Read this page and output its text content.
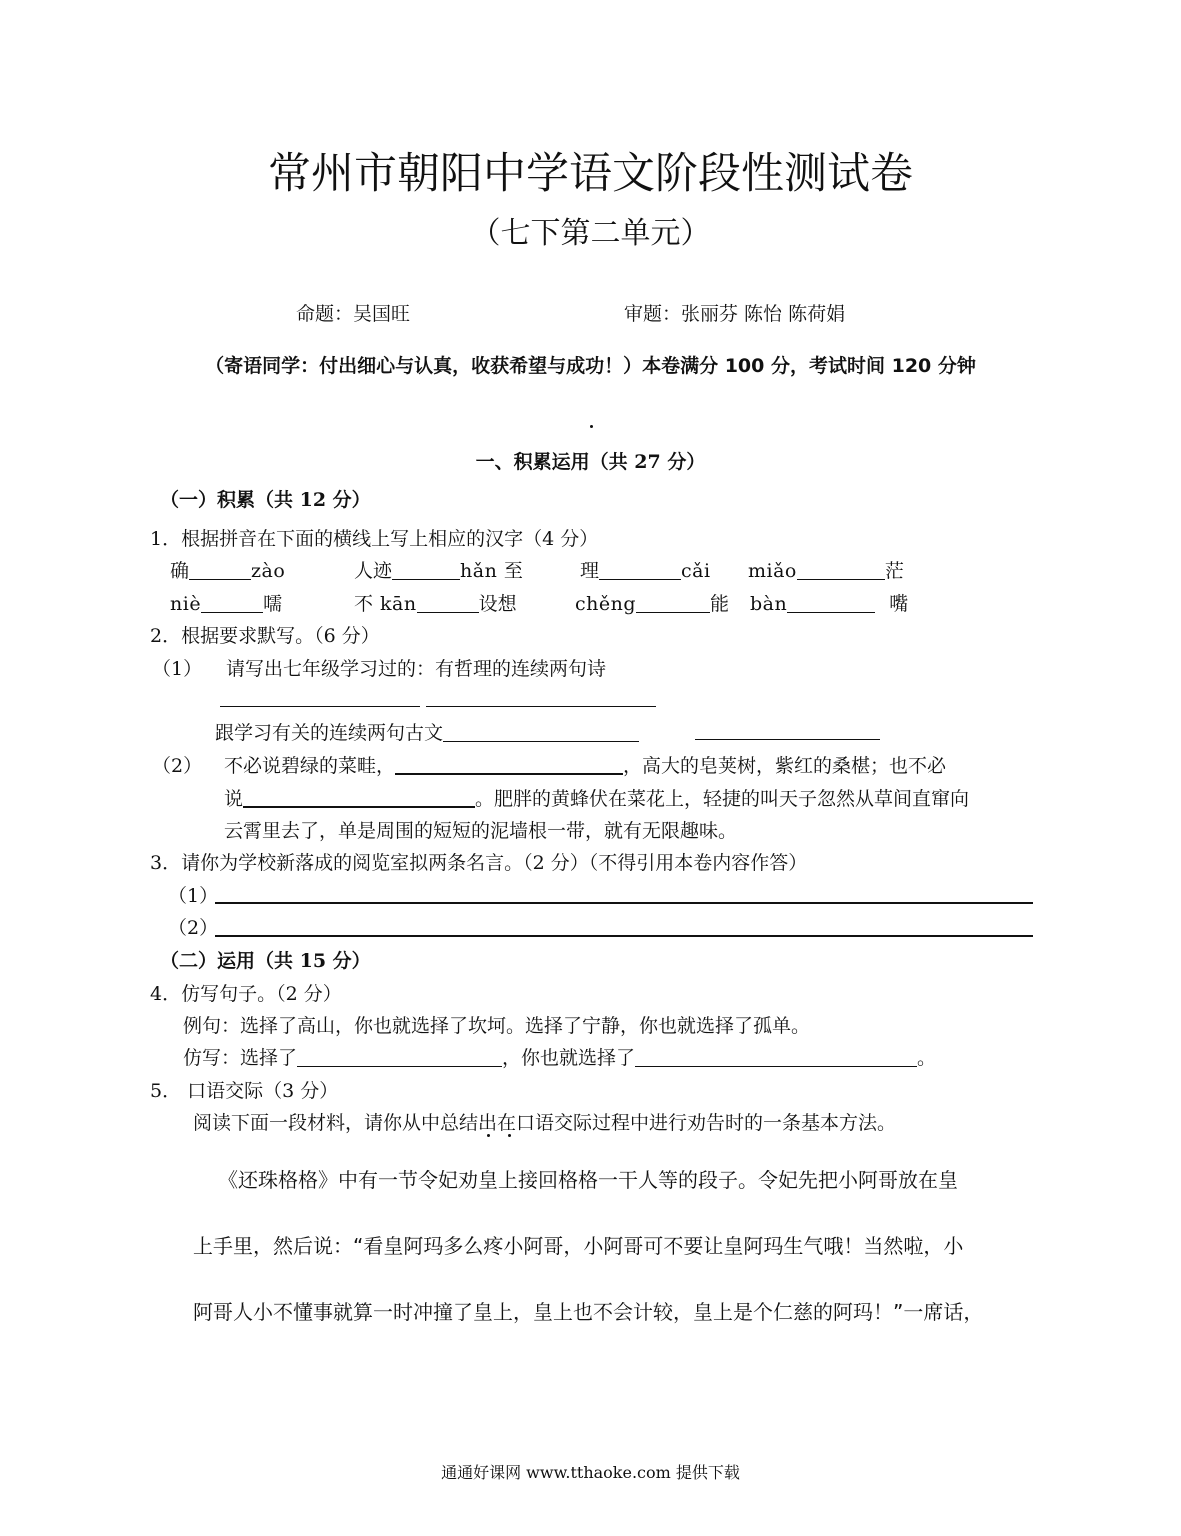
常州市朝阳中学语文阶段性测试卷
（七下第二单元）
命题：吴国旺	审题：张丽芬 陈怡 陈荷娟
（寄语同学：付出细心与认真，收获希望与成功！）本卷满分 100 分，考试时间 120 分钟
一、积累运用（共 27 分）
（一）积累（共 12 分）
1．根据拼音在下面的横线上写上相应的汉字（4 分）
确	zào	人迹	hǎn 至	理	cǎi miǎo	茫
niè	嚅	不 kān	设想	chěng	能 bàn	嘴
2．根据要求默写。（6 分）
（1） 请写出七年级学习过的：有哲理的连续两句诗
跟学习有关的连续两句古文
（2） 不必说碧绿的菜畦，	，高大的皂荚树，紫红的桑椹；也不必
说	。肥胖的黄蜂伏在菜花上，轻捷的叫天子忽然从草间直窜向
云霄里去了，单是周围的短短的泥墙根一带，就有无限趣味。
3．请你为学校新落成的阅览室拟两条名言。（2 分）（不得引用本卷内容作答）
（1）
（2）
（二）运用（共 15 分）
4．仿写句子。（2 分）
例句：选择了高山，你也就选择了坎坷。选择了宁静，你也就选择了孤单。
仿写：选择了	，你也就选择了	。
5． 口语交际（3 分）
阅读下面一段材料，请你从中总结出在口语交际过程中进行劝告时的一条基本方法。
《还珠格格》中有一节令妃劝皇上接回格格一干人等的段子。令妃先把小阿哥放在皇
上手里，然后说：“看皇阿玛多么疼小阿哥，小阿哥可不要让皇阿玛生气哦！当然啦，小
阿哥人小不懂事就算一时冲撞了皇上，皇上也不会计较，皇上是个仁慈的阿玛！”一席话，
通通好课网 www.tthaoke.com 提供下载
